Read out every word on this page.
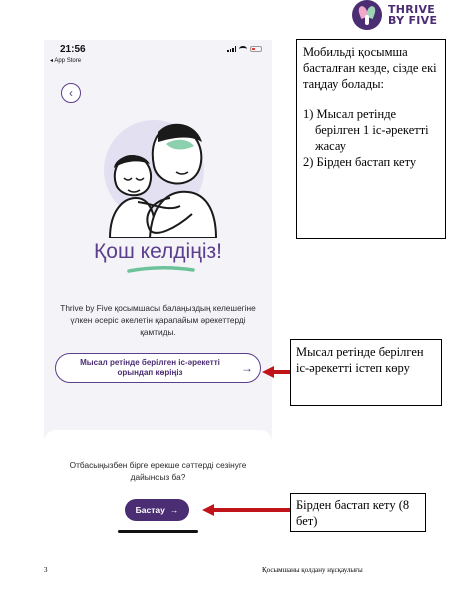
THRIVE
BY FIVE
21:56
◂ App Store
‹
Қош келдіңіз!
Thrive by Five қосымшасы балаңыздың келешегіне үлкен әсеріс әкелетін қарапайым әрекеттерді қамтиды.
Мысал ретінде берілген іс-әрекетті орындап көріңіз	→
Отбасыңызбен бірге ерекше сәттерді сезінуге дайынсыз ба?
Бастау →

Мобильді қосымша басталған кезде, сізде екі таңдау болады:

1) Мысал ретінде берілген 1 іс-әрекетті жасау
2) Бірден бастап кету
Мысал ретінде берілген іс-әрекетті істеп көру
Бірден бастап кету (8 бет)
3	Қосымшаны қолдану нұсқаулығы
